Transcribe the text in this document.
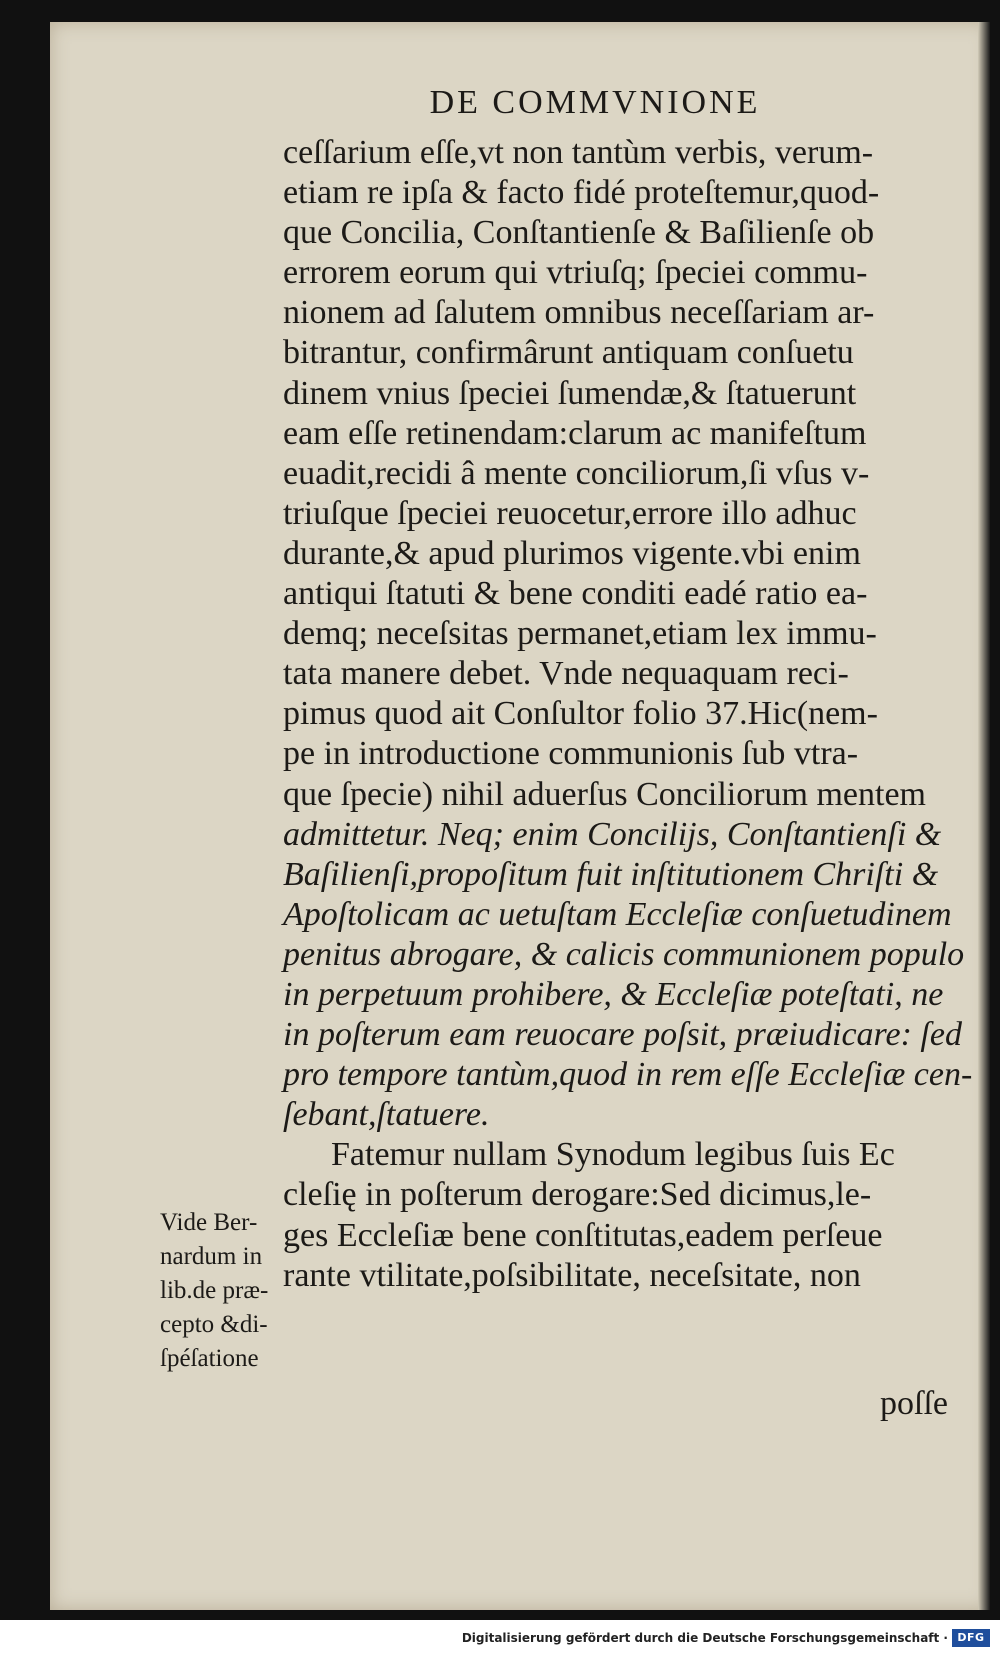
DE COMMVNIONE
ceſſarium eſſe,vt non tantùm verbis, verum-
etiam re ipſa & facto fidé proteſtemur,quod-
que Concilia, Conſtantienſe & Baſilienſe ob
errorem eorum qui vtriuſq; ſpeciei commu-
nionem ad ſalutem omnibus neceſſariam ar-
bitrantur, confirmârunt antiquam conſuetu
dinem vnius ſpeciei ſumendæ,& ſtatuerunt
eam eſſe retinendam:clarum ac manifeſtum
euadit,recidi â mente conciliorum,ſi vſus v-
triuſque ſpeciei reuocetur,errore illo adhuc
durante,& apud plurimos vigente.vbi enim
antiqui ſtatuti & bene conditi eadé ratio ea-
demq; neceſsitas permanet,etiam lex immu-
tata manere debet. Vnde nequaquam reci-
pimus quod ait Conſultor folio 37.Hic(nem-
pe in introductione communionis ſub vtra-
que ſpecie) nihil aduerſus Conciliorum mentem
admittetur. Neq; enim Concilijs, Conſtantienſi &
Baſilienſi,propoſitum fuit inſtitutionem Chriſti &
Apoſtolicam ac uetuſtam Eccleſiæ conſuetudinem
penitus abrogare, & calicis communionem populo
in perpetuum prohibere, & Eccleſiæ poteſtati, ne
in poſterum eam reuocare poſsit, præiudicare: ſed
pro tempore tantùm,quod in rem eſſe Eccleſiæ cen-
ſebant,ſtatuere.
Fatemur nullam Synodum legibus ſuis Ec
cleſię in poſterum derogare:Sed dicimus,le-
ges Eccleſiæ bene conſtitutas,eadem perſeue
rante vtilitate,poſsibilitate, neceſsitate, non
Vide Ber-
nardum in
lib.de præ-
cepto &di-
ſpéſatione
poſſe
Digitalisierung gefördert durch die Deutsche Forschungsgemeinschaft · DFG
